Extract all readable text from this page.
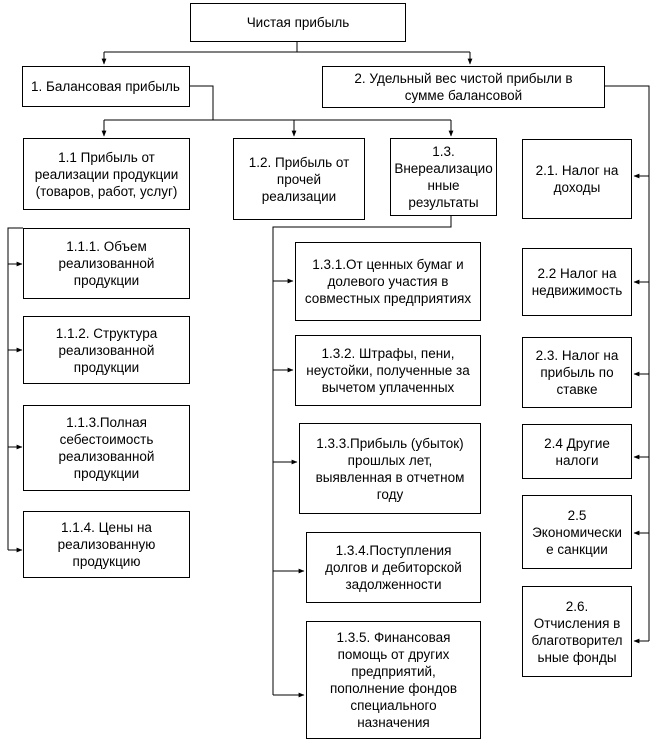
Чистая прибыль
1. Балансовая прибыль
2. Удельный вес чистой прибыли в
сумме балансовой
1.1 Прибыль от
реализации продукции
(товаров, работ, услуг)
1.2. Прибыль от
прочей
реализации
1.3.
Внереализацио
нные
результаты
1.1.1. Объем
реализованной
продукции
1.1.2. Структура
реализованной
продукции
1.1.3.Полная
себестоимость
реализованной
продукции
1.1.4. Цены на
реализованную
продукцию
1.3.1.От ценных бумаг и
долевого участия в
совместных предприятиях
1.3.2. Штрафы, пени,
неустойки, полученные за
вычетом уплаченных
1.3.3.Прибыль (убыток)
прошлых лет,
выявленная в отчетном
году
1.3.4.Поступления
долгов и дебиторской
задолженности
1.3.5. Финансовая
помощь от других
предприятий,
пополнение фондов
специального
назначения
2.1. Налог на
доходы
2.2 Налог на
недвижимость
2.3. Налог на
прибыль по
ставке
2.4 Другие
налоги
2.5
Экономически
е санкции
2.6.
Отчисления в
благотворител
ьные фонды
